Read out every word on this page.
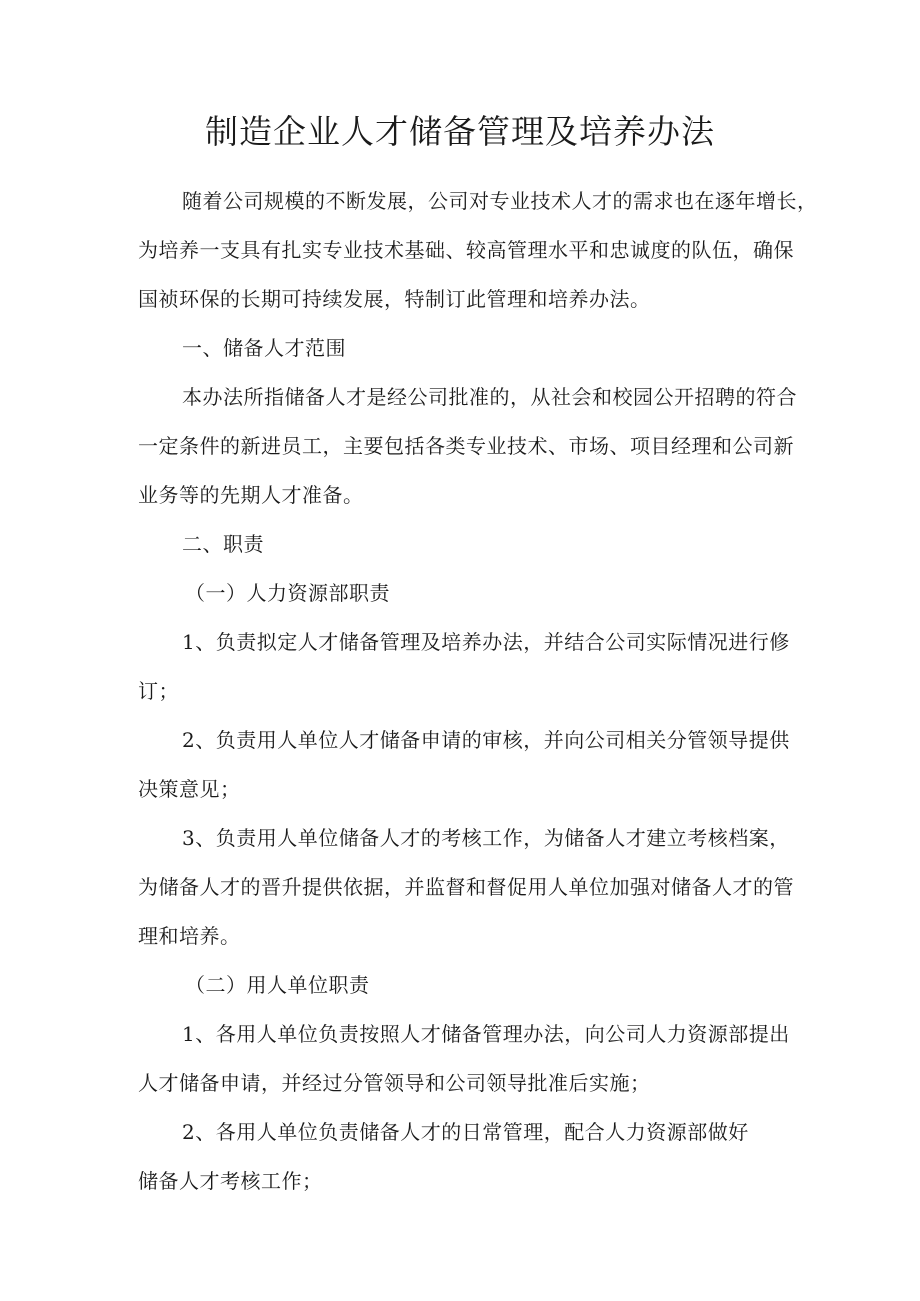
制造企业人才储备管理及培养办法
随着公司规模的不断发展，公司对专业技术人才的需求也在逐年增长，
为培养一支具有扎实专业技术基础、较高管理水平和忠诚度的队伍，确保
国祯环保的长期可持续发展，特制订此管理和培养办法。
一、储备人才范围
本办法所指储备人才是经公司批准的，从社会和校园公开招聘的符合
一定条件的新进员工，主要包括各类专业技术、市场、项目经理和公司新
业务等的先期人才准备。
二、职责
（一）人力资源部职责
1、负责拟定人才储备管理及培养办法，并结合公司实际情况进行修
订；
2、负责用人单位人才储备申请的审核，并向公司相关分管领导提供
决策意见；
3、负责用人单位储备人才的考核工作，为储备人才建立考核档案，
为储备人才的晋升提供依据，并监督和督促用人单位加强对储备人才的管
理和培养。
（二）用人单位职责
1、各用人单位负责按照人才储备管理办法，向公司人力资源部提出
人才储备申请，并经过分管领导和公司领导批准后实施；
2、各用人单位负责储备人才的日常管理，配合人力资源部做好
储备人才考核工作；
